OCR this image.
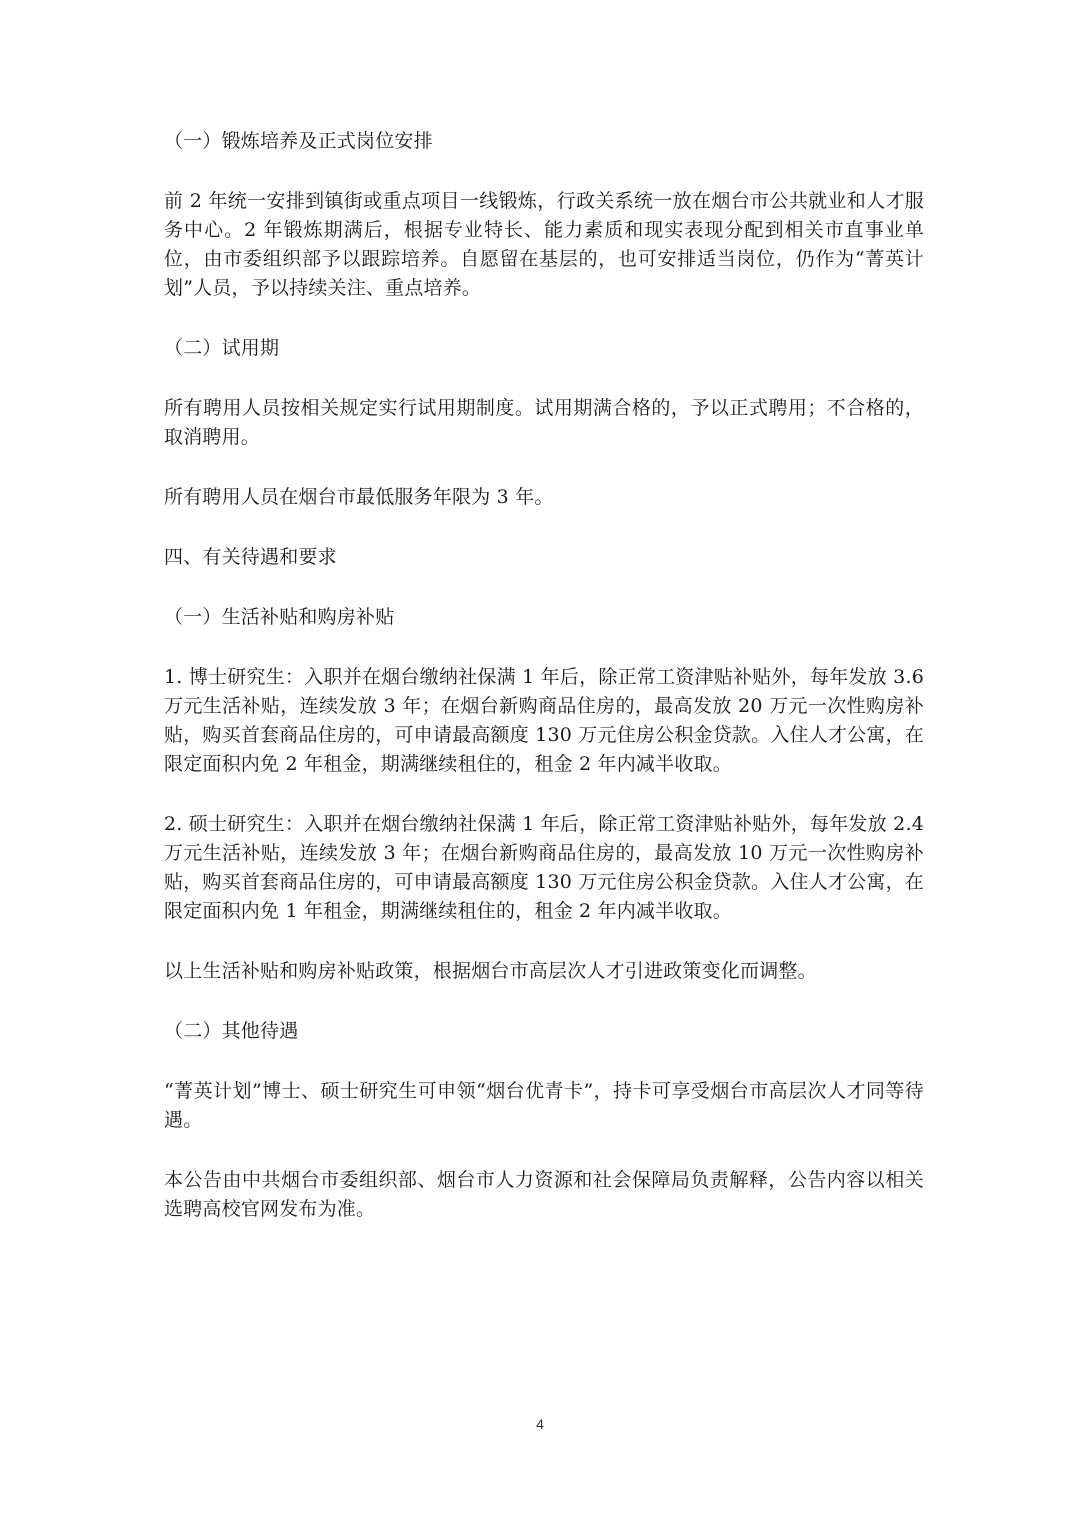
（一）锻炼培养及正式岗位安排

前 2 年统一安排到镇街或重点项目一线锻炼，行政关系统一放在烟台市公共就业和人才服务中心。2 年锻炼期满后，根据专业特长、能力素质和现实表现分配到相关市直事业单位，由市委组织部予以跟踪培养。自愿留在基层的，也可安排适当岗位，仍作为“菁英计划”人员，予以持续关注、重点培养。

（二）试用期

所有聘用人员按相关规定实行试用期制度。试用期满合格的，予以正式聘用；不合格的，取消聘用。

所有聘用人员在烟台市最低服务年限为 3 年。

四、有关待遇和要求

（一）生活补贴和购房补贴

1. 博士研究生：入职并在烟台缴纳社保满 1 年后，除正常工资津贴补贴外，每年发放 3.6 万元生活补贴，连续发放 3 年；在烟台新购商品住房的，最高发放 20 万元一次性购房补贴，购买首套商品住房的，可申请最高额度 130 万元住房公积金贷款。入住人才公寓，在限定面积内免 2 年租金，期满继续租住的，租金 2 年内减半收取。

2. 硕士研究生：入职并在烟台缴纳社保满 1 年后，除正常工资津贴补贴外，每年发放 2.4 万元生活补贴，连续发放 3 年；在烟台新购商品住房的，最高发放 10 万元一次性购房补贴，购买首套商品住房的，可申请最高额度 130 万元住房公积金贷款。入住人才公寓，在限定面积内免 1 年租金，期满继续租住的，租金 2 年内减半收取。

以上生活补贴和购房补贴政策，根据烟台市高层次人才引进政策变化而调整。

（二）其他待遇

“菁英计划”博士、硕士研究生可申领“烟台优青卡”，持卡可享受烟台市高层次人才同等待遇。

本公告由中共烟台市委组织部、烟台市人力资源和社会保障局负责解释，公告内容以相关选聘高校官网发布为准。

4
